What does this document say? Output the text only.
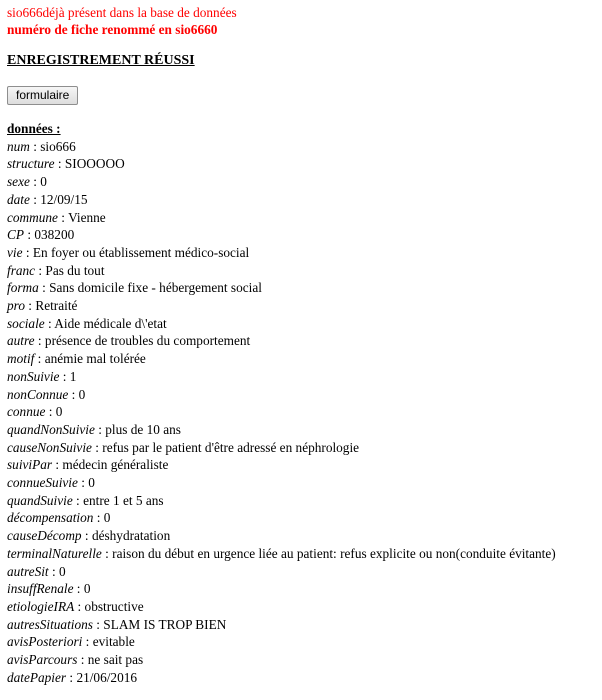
sio666déjà présent dans la base de données
numéro de fiche renommé en sio6660
ENREGISTREMENT RÉUSSI
formulaire
données :
num : sio666
structure : SIOOOOO
sexe : 0
date : 12/09/15
commune : Vienne
CP : 038200
vie : En foyer ou établissement médico-social
franc : Pas du tout
forma : Sans domicile fixe - hébergement social
pro : Retraité
sociale : Aide médicale d\'etat
autre : présence de troubles du comportement
motif : anémie mal tolérée
nonSuivie : 1
nonConnue : 0
connue : 0
quandNonSuivie : plus de 10 ans
causeNonSuivie : refus par le patient d'être adressé en néphrologie
suiviPar : médecin généraliste
connueSuivie : 0
quandSuivie : entre 1 et 5 ans
décompensation : 0
causeDécomp : déshydratation
terminalNaturelle : raison du début en urgence liée au patient: refus explicite ou non(conduite évitante)
autreSit : 0
insuffRenale : 0
etiologieIRA : obstructive
autresSituations : SLAM IS TROP BIEN
avisPosteriori : evitable
avisParcours : ne sait pas
datePapier : 21/06/2016
